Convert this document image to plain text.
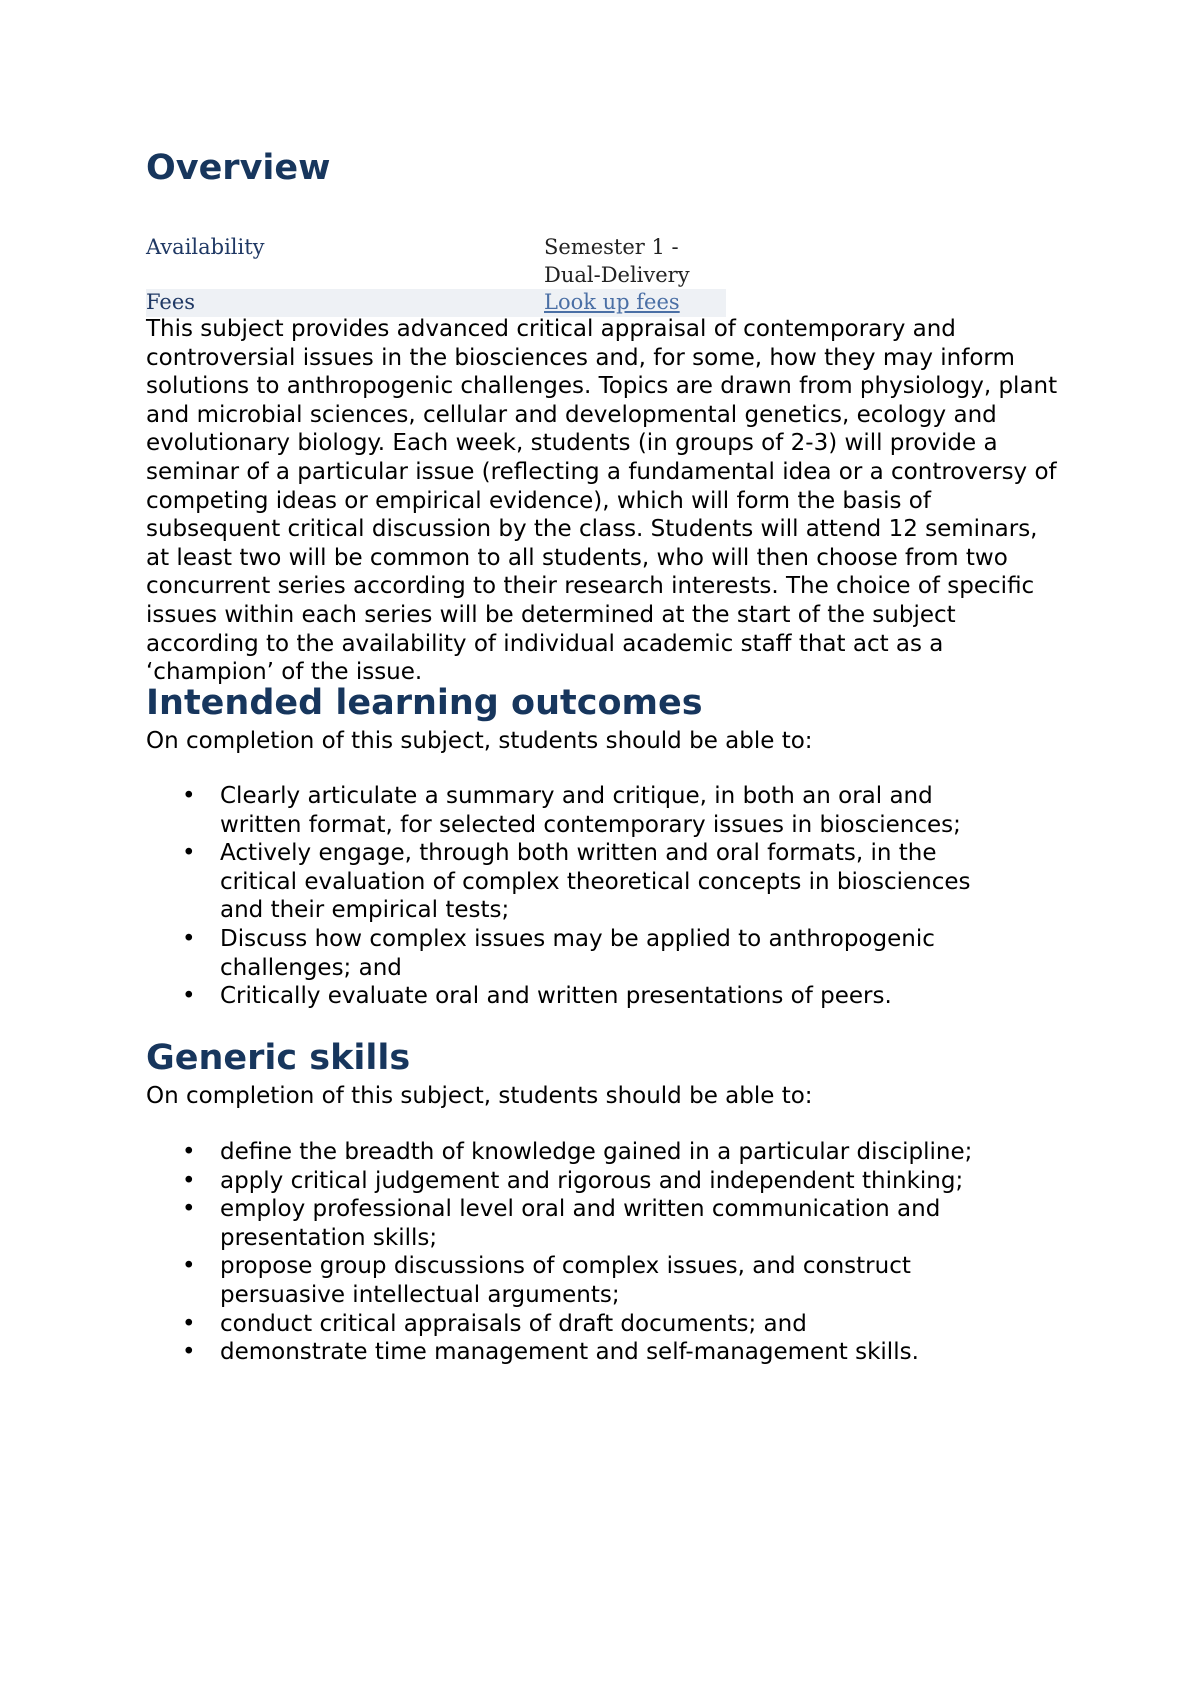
Overview
Availability	Semester 1 -
Dual-Delivery

Fees	Look up fees

This subject provides advanced critical appraisal of contemporary and controversial issues in the biosciences and, for some, how they may inform solutions to anthropogenic challenges. Topics are drawn from physiology, plant and microbial sciences, cellular and developmental genetics, ecology and evolutionary biology. Each week, students (in groups of 2-3) will provide a seminar of a particular issue (reflecting a fundamental idea or a controversy of competing ideas or empirical evidence), which will form the basis of subsequent critical discussion by the class. Students will attend 12 seminars, at least two will be common to all students, who will then choose from two concurrent series according to their research interests. The choice of specific issues within each series will be determined at the start of the subject according to the availability of individual academic staff that act as a ‘champion’ of the issue.

Intended learning outcomes

On completion of this subject, students should be able to:

• Clearly articulate a summary and critique, in both an oral and written format, for selected contemporary issues in biosciences;
• Actively engage, through both written and oral formats, in the critical evaluation of complex theoretical concepts in biosciences and their empirical tests;
• Discuss how complex issues may be applied to anthropogenic challenges; and
• Critically evaluate oral and written presentations of peers.
Generic skills

On completion of this subject, students should be able to:

• define the breadth of knowledge gained in a particular discipline;
• apply critical judgement and rigorous and independent thinking;
• employ professional level oral and written communication and presentation skills;
• propose group discussions of complex issues, and construct persuasive intellectual arguments;
• conduct critical appraisals of draft documents; and
• demonstrate time management and self-management skills.
